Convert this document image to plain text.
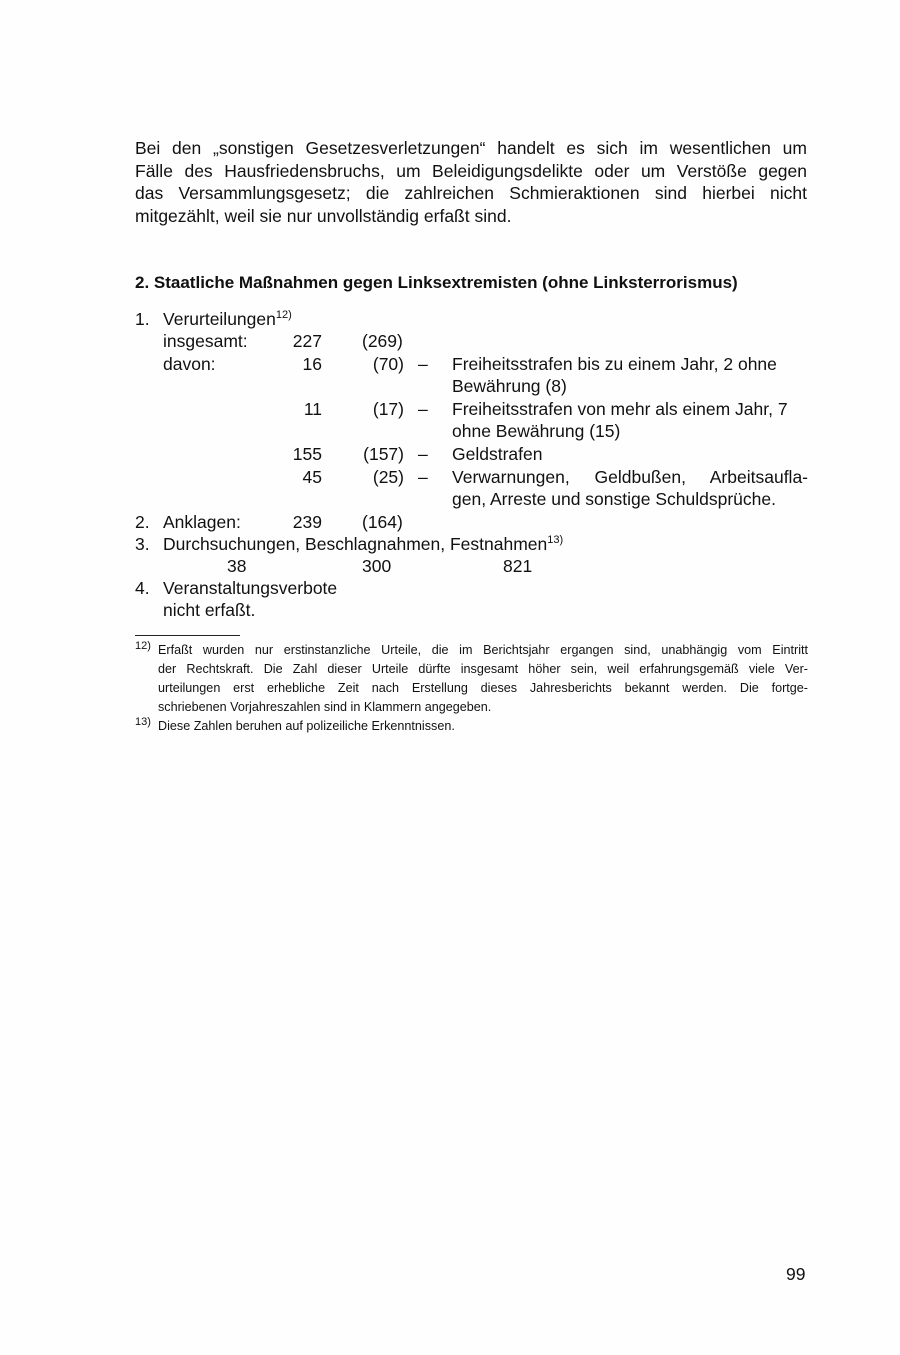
Bei den „sonstigen Gesetzesverletzungen“ handelt es sich im wesentlichen um
Fälle des Hausfriedensbruchs, um Beleidigungsdelikte oder um Verstöße gegen
das Versammlungsgesetz; die zahlreichen Schmieraktionen sind hierbei nicht
mitgezählt, weil sie nur unvollständig erfaßt sind.
2. Staatliche Maßnahmen gegen Linksextremisten (ohne Linksterrorismus)
1. Verurteilungen$^{12)}$
insgesamt:	227 (269)
davon:	16	(70) – Freiheitsstrafen bis zu einem Jahr, 2 ohne
Bewährung (8)
11	(17) – Freiheitsstrafen von mehr als einem Jahr, 7
ohne Bewährung (15)
155	(157) – Geldstrafen
45	(25) – Verwarnungen, Geldbußen, Arbeitsaufla-
gen, Arreste und sonstige Schuldsprüche.
2. Anklagen:	239 (164)
3. Durchsuchungen, Beschlagnahmen, Festnahmen$^{13)}$
38	300	821
4. Veranstaltungsverbote
nicht erfaßt.
$^{12)}$ Erfaßt wurden nur erstinstanzliche Urteile, die im Berichtsjahr ergangen sind, unabhängig vom Eintritt
der Rechtskraft. Die Zahl dieser Urteile dürfte insgesamt höher sein, weil erfahrungsgemäß viele Ver-
urteilungen erst erhebliche Zeit nach Erstellung dieses Jahresberichts bekannt werden. Die fortge-
schriebenen Vorjahreszahlen sind in Klammern angegeben.
$^{13)}$ Diese Zahlen beruhen auf polizeiliche Erkenntnissen.
99
